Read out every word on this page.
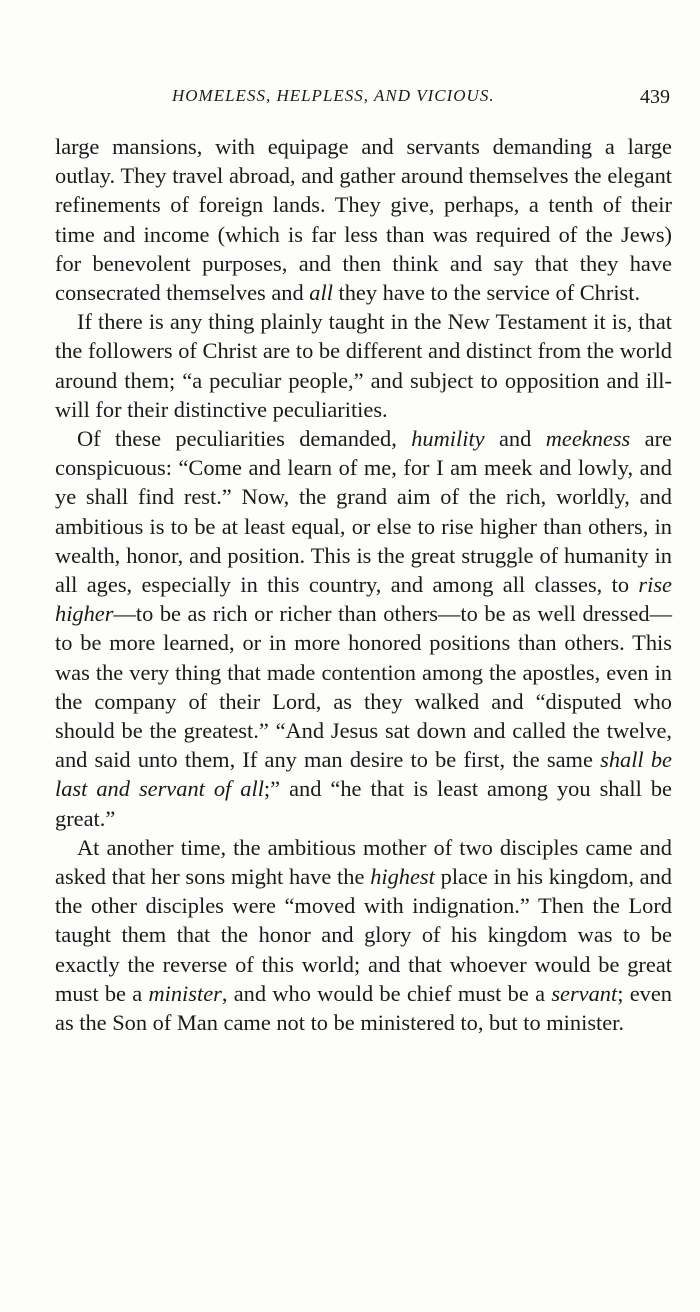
HOMELESS, HELPLESS, AND VICIOUS.	439

large mansions, with equipage and servants demanding a large outlay. They travel abroad, and gather around themselves the elegant refinements of foreign lands. They give, perhaps, a tenth of their time and income (which is far less than was required of the Jews) for benevolent purposes, and then think and say that they have consecrated themselves and all they have to the service of Christ.

If there is any thing plainly taught in the New Testament it is, that the followers of Christ are to be different and distinct from the world around them; “a peculiar people,” and subject to opposition and ill-will for their distinctive peculiarities.

Of these peculiarities demanded, humility and meekness are conspicuous: “Come and learn of me, for I am meek and lowly, and ye shall find rest.” Now, the grand aim of the rich, worldly, and ambitious is to be at least equal, or else to rise higher than others, in wealth, honor, and position. This is the great struggle of humanity in all ages, especially in this country, and among all classes, to rise higher—to be as rich or richer than others—to be as well dressed—to be more learned, or in more honored positions than others. This was the very thing that made contention among the apostles, even in the company of their Lord, as they walked and “disputed who should be the greatest.” “And Jesus sat down and called the twelve, and said unto them, If any man desire to be first, the same shall be last and servant of all;” and “he that is least among you shall be great.”

At another time, the ambitious mother of two disciples came and asked that her sons might have the highest place in his kingdom, and the other disciples were “moved with indignation.” Then the Lord taught them that the honor and glory of his kingdom was to be exactly the reverse of this world; and that whoever would be great must be a minister, and who would be chief must be a servant; even as the Son of Man came not to be ministered to, but to minister.
